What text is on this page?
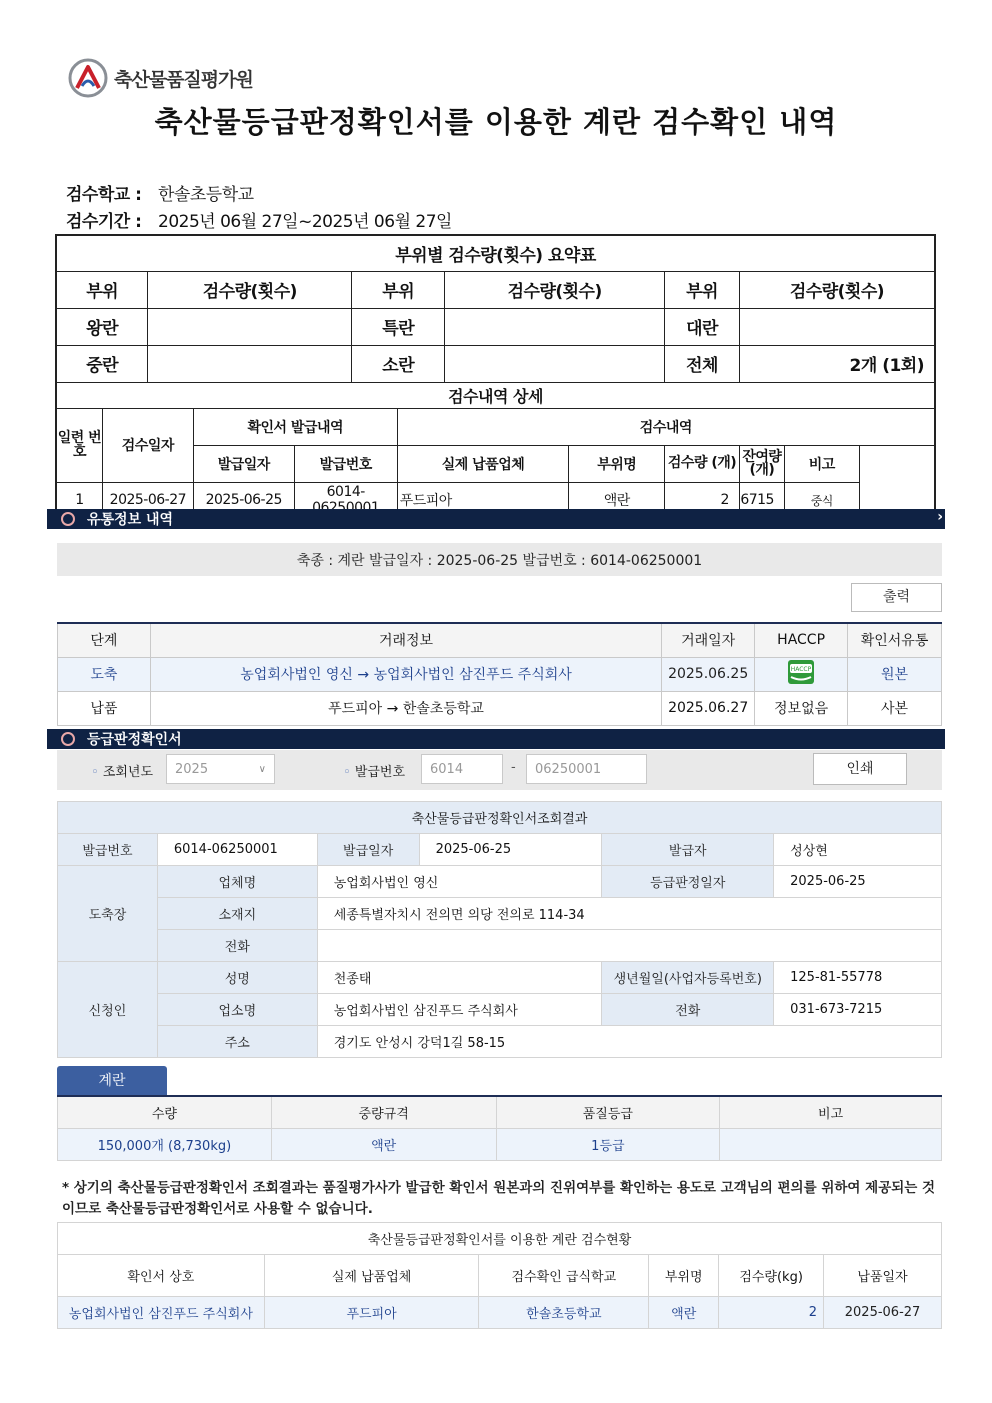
축산물품질평가원
축산물등급판정확인서를 이용한 계란 검수확인 내역
검수학교 : 한솔초등학교
검수기간 : 2025년 06월 27일~2025년 06월 27일
부위별 검수량(횟수) 요약표											
부위		검수량(횟수)			부위		검수량(횟수)		부위	검수량(횟수)	
왕란					특란				대란		
중란					소란				전체	2개 (1회)	
검수내역 상세											
일련 번호	검수일자		확인서 발급내역			검수내역					
			발급일자	발급번호		실제 납품업체		부위명	검수량 (개)	잔여량 (개)	비고
1	2025-06-27		2025-06-25	6014-		푸드피아		액란	2	6715	중식
유통정보 내역	›
축종 : 계란 발급일자 : 2025-06-25 발급번호 : 6014-06250001
출력
단계	거래정보	거래일자	HACCP	확인서유통
도축	농업회사법인 영신 → 농업회사법인 삼진푸드 주식회사	2025.06.25	HACCP	원본
납품	푸드피아 → 한솔초등학교	2025.06.27	정보없음	사본
등급판정확인서
◦ 조회년도 2025	∨	◦ 발급번호	6014	-	06250001	인쇄
축산물등급판정확인서조회결과					
발급번호	6014-06250001	발급일자	2025-06-25	발급자	성상현
도축장	업체명	농업회사법인 영신		등급판정일자	2025-06-25
	소재지	세종특별자치시 전의면 의당 전의로 114-34			
	전화				
신청인	성명	천종태		생년월일(사업자등록번호)	125-81-55778
	업소명	농업회사법인 삼진푸드 주식회사		전화	031-673-7215
	주소	경기도 안성시 강덕1길 58-15			
계란
수량	중량규격	품질등급	비고
150,000개 (8,730kg)	액란	1등급	
* 상기의 축산물등급판정확인서 조회결과는 품질평가사가 발급한 확인서 원본과의 진위여부를 확인하는 용도로 고객님의 편의를 위하여 제공되는 것이므로 축산물등급판정확인서로 사용할 수 없습니다.
축산물등급판정확인서를 이용한 계란 검수현황					
확인서 상호	실제 납품업체	검수확인 급식학교	부위명	검수량(kg)	납품일자
농업회사법인 삼진푸드 주식회사	푸드피아	한솔초등학교	액란	2	2025-06-27
